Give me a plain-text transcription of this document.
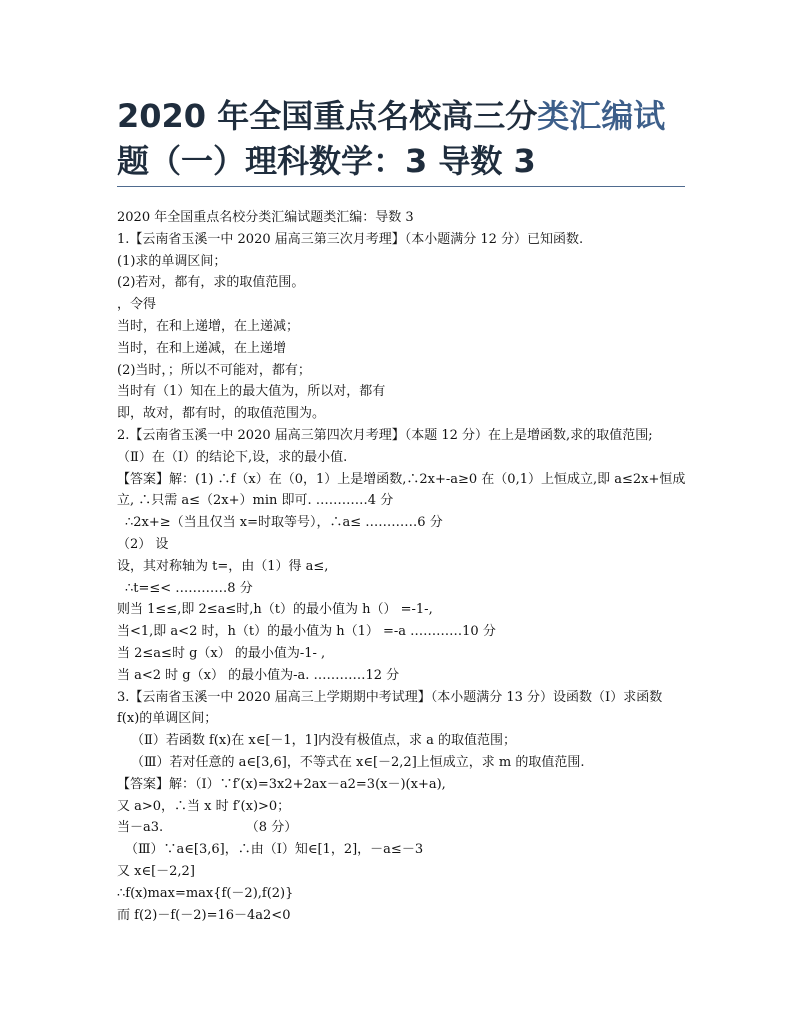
2020 年全国重点名校高三分类汇编试
题（一）理科数学：3 导数 3

2020 年全国重点名校分类汇编试题类汇编：导数 3

1.【云南省玉溪一中 2020 届高三第三次月考理】（本小题满分 12 分）已知函数.

(1)求的单调区间；

(2)若对，都有，求的取值范围。

，令得

当时，在和上递增，在上递减；

当时，在和上递减，在上递增

(2)当时，；所以不可能对，都有；

当时有（1）知在上的最大值为，所以对，都有

即，故对，都有时，的取值范围为。

2.【云南省玉溪一中 2020 届高三第四次月考理】（本题 12 分）在上是增函数,求的取值范围;

（Ⅱ）在（Ⅰ）的结论下,设，求的最小值.

【答案】解：(1) ∴f（x）在（0，1）上是增函数,∴2x+-a≥0 在（0,1）上恒成立,即 a≤2x+恒成立, ∴只需 a≤（2x+）min 即可. …………4 分

∴2x+≥（当且仅当 x=时取等号），∴a≤ …………6 分

（2） 设

设，其对称轴为 t=，由（1）得 a≤,

∴t=≤< …………8 分

则当 1≤≤,即 2≤a≤时,h（t）的最小值为 h（） =-1-,

当<1,即 a<2 时，h（t）的最小值为 h（1） =-a …………10 分

当 2≤a≤时 g（x） 的最小值为-1- ,

当 a<2 时 g（x） 的最小值为-a. …………12 分

3.【云南省玉溪一中 2020 届高三上学期期中考试理】（本小题满分 13 分）设函数（Ⅰ）求函数 f(x)的单调区间；

（Ⅱ）若函数 f(x)在 x∈[－1，1]内没有极值点，求 a 的取值范围；

（Ⅲ）若对任意的 a∈[3,6]，不等式在 x∈[－2,2]上恒成立，求 m 的取值范围.

【答案】解：（Ⅰ）∵f′(x)=3x2+2ax－a2=3(x－)(x+a),

又 a>0，∴当 x 时 f′(x)>0；

当－a3.                    （8 分）

（Ⅲ）∵a∈[3,6]，∴由（Ⅰ）知∈[1，2]，－a≤－3

又 x∈[－2,2]

∴f(x)max=max{f(－2),f(2)}

而 f(2)－f(－2)=16－4a2<0
